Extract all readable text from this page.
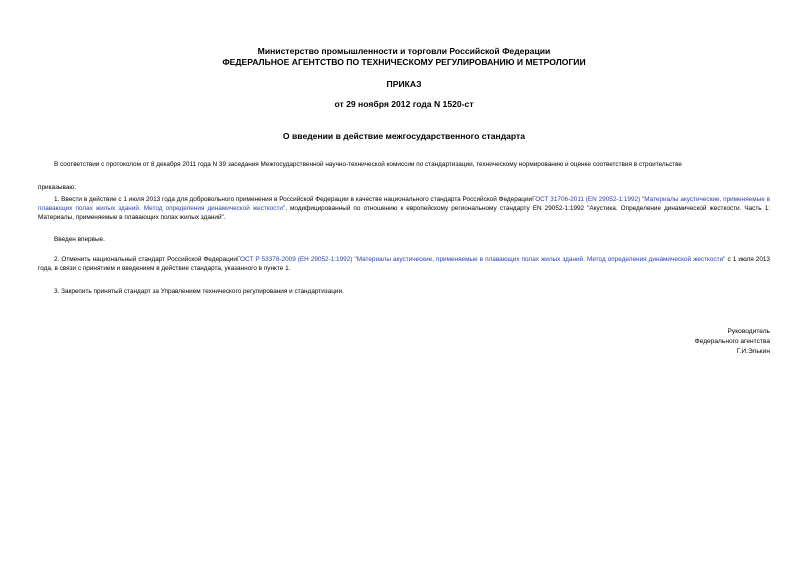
Министерство промышленности и торговли Российской Федерации
ФЕДЕРАЛЬНОЕ АГЕНТСТВО ПО ТЕХНИЧЕСКОМУ РЕГУЛИРОВАНИЮ И МЕТРОЛОГИИ
ПРИКАЗ
от 29 ноября 2012 года N 1520-ст
О введении в действие межгосударственного стандарта
В соответствии с протоколом от 8 декабря 2011 года N 39 заседания Межгосударственной научно-технической комиссии по стандартизации, техническому нормированию и оценке соответствия в строительстве
приказываю:
1. Ввести в действие с 1 июля 2013 года для добровольного применения в Российской Федерации в качестве национального стандарта Российской ФедерацииГОСТ 31706-2011 (EN 29052-1:1992) "Материалы акустические, применяемые в плавающих полах жилых зданий. Метод определения динамической жесткости", модифицированный по отношению к европейскому региональному стандарту EN 29052-1:1992 "Акустика. Определение динамической жесткости. Часть 1: Материалы, применяемые в плавающих полах жилых зданий".
Введен впервые.
2. Отменить национальный стандарт Российской ФедерацииГОСТ Р 53378-2009 (ЕН 29052-1:1992) "Материалы акустические, применяемые в плавающих полах жилых зданий. Метод определения динамической жесткости" с 1 июля 2013 года, в связи с принятием и введением в действие стандарта, указанного в пункте 1.
3. Закрепить принятый стандарт за Управлением технического регулирования и стандартизации.
Руководитель
Федерального агентства
Г.И.Элькин
